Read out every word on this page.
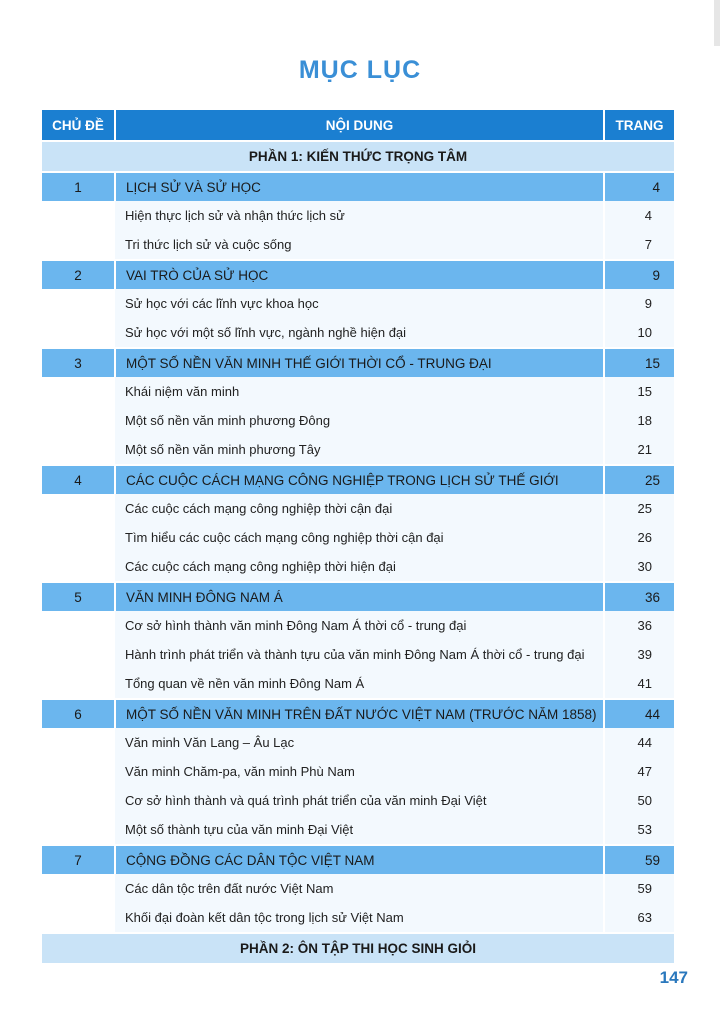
MỤC LỤC
CHỦ ĐỀ	NỘI DUNG	TRANG
PHẦN 1: KIẾN THỨC TRỌNG TÂM		
1	LỊCH SỬ VÀ SỬ HỌC	4
	Hiện thực lịch sử và nhận thức lịch sử	4
	Tri thức lịch sử và cuộc sống	7
2	VAI TRÒ CỦA SỬ HỌC	9
	Sử học với các lĩnh vực khoa học	9
	Sử học với một số lĩnh vực, ngành nghề hiện đại	10
3	MỘT SỐ NỀN VĂN MINH THẾ GIỚI THỜI CỔ - TRUNG ĐẠI	15
	Khái niệm văn minh	15
	Một số nền văn minh phương Đông	18
	Một số nền văn minh phương Tây	21
4	CÁC CUỘC CÁCH MẠNG CÔNG NGHIỆP TRONG LỊCH SỬ THẾ GIỚI	25
	Các cuộc cách mạng công nghiệp thời cận đại	25
	Tìm hiểu các cuộc cách mạng công nghiệp thời cận đại	26
	Các cuộc cách mạng công nghiệp thời hiện đại	30
5	VĂN MINH ĐÔNG NAM Á	36
	Cơ sở hình thành văn minh Đông Nam Á thời cổ - trung đại	36
	Hành trình phát triển và thành tựu của văn minh Đông Nam Á thời cổ - trung đại	39
	Tổng quan về nền văn minh Đông Nam Á	41
6	MỘT SỐ NỀN VĂN MINH TRÊN ĐẤT NƯỚC VIỆT NAM (TRƯỚC NĂM 1858)	44
	Văn minh Văn Lang – Âu Lạc	44
	Văn minh Chăm-pa, văn minh Phù Nam	47
	Cơ sở hình thành và quá trình phát triển của văn minh Đại Việt	50
	Một số thành tựu của văn minh Đại Việt	53
7	CỘNG ĐỒNG CÁC DÂN TỘC VIỆT NAM	59
	Các dân tộc trên đất nước Việt Nam	59
	Khối đại đoàn kết dân tộc trong lịch sử Việt Nam	63
PHẦN 2: ÔN TẬP THI HỌC SINH GIỎI		
147
